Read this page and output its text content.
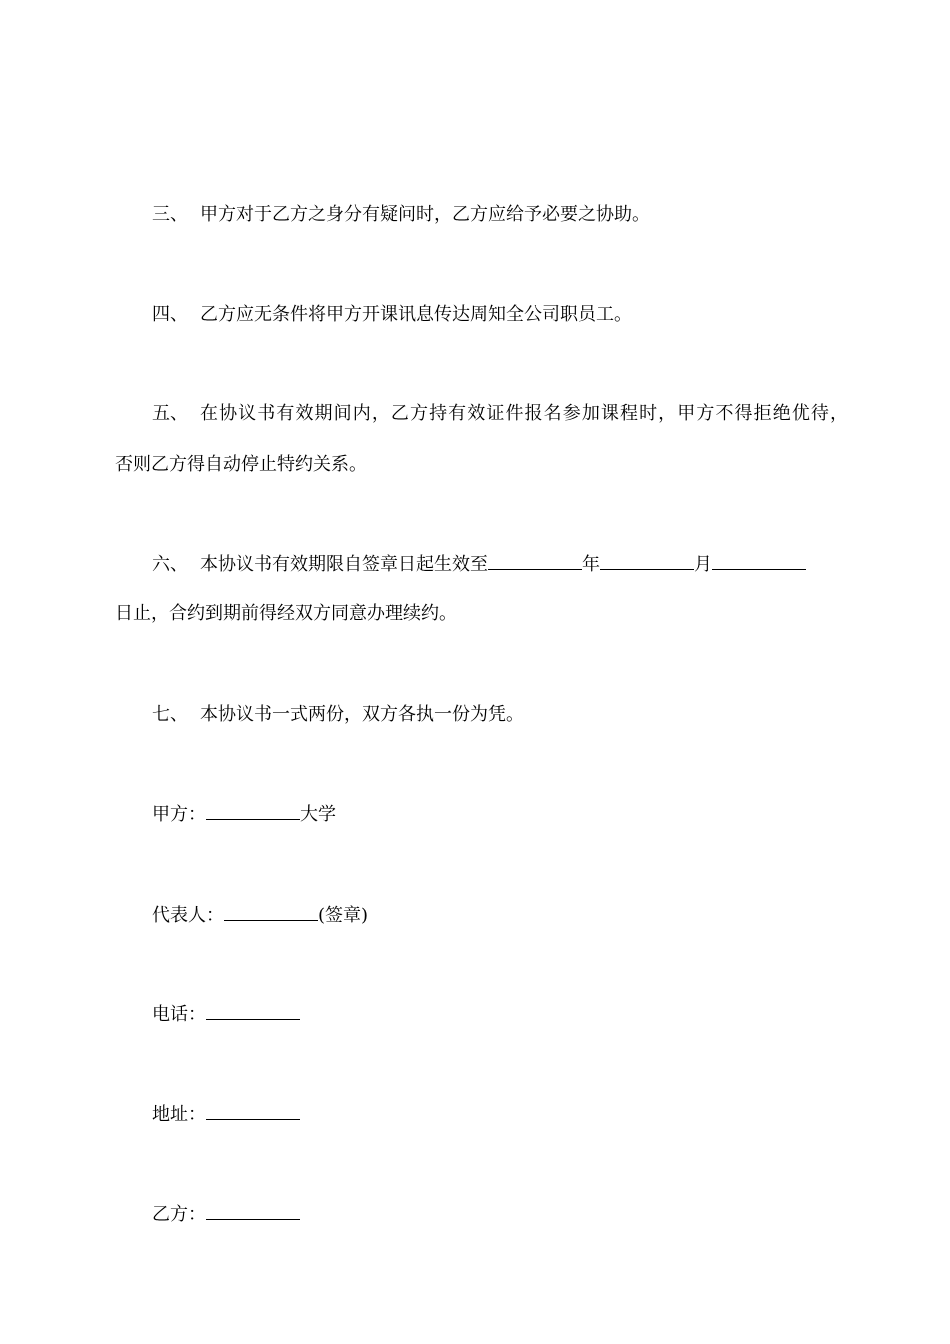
三、 甲方对于乙方之身分有疑问时，乙方应给予必要之协助。
四、 乙方应无条件将甲方开课讯息传达周知全公司职员工。
五、 在协议书有效期间内，乙方持有效证件报名参加课程时，甲方不得拒绝优待，
否则乙方得自动停止特约关系。
六、 本协议书有效期限自签章日起生效至	年	月
日止，合约到期前得经双方同意办理续约。
七、 本协议书一式两份，双方各执一份为凭。
甲方：	大学
代表人：	(签章)
电话：
地址：
乙方：
